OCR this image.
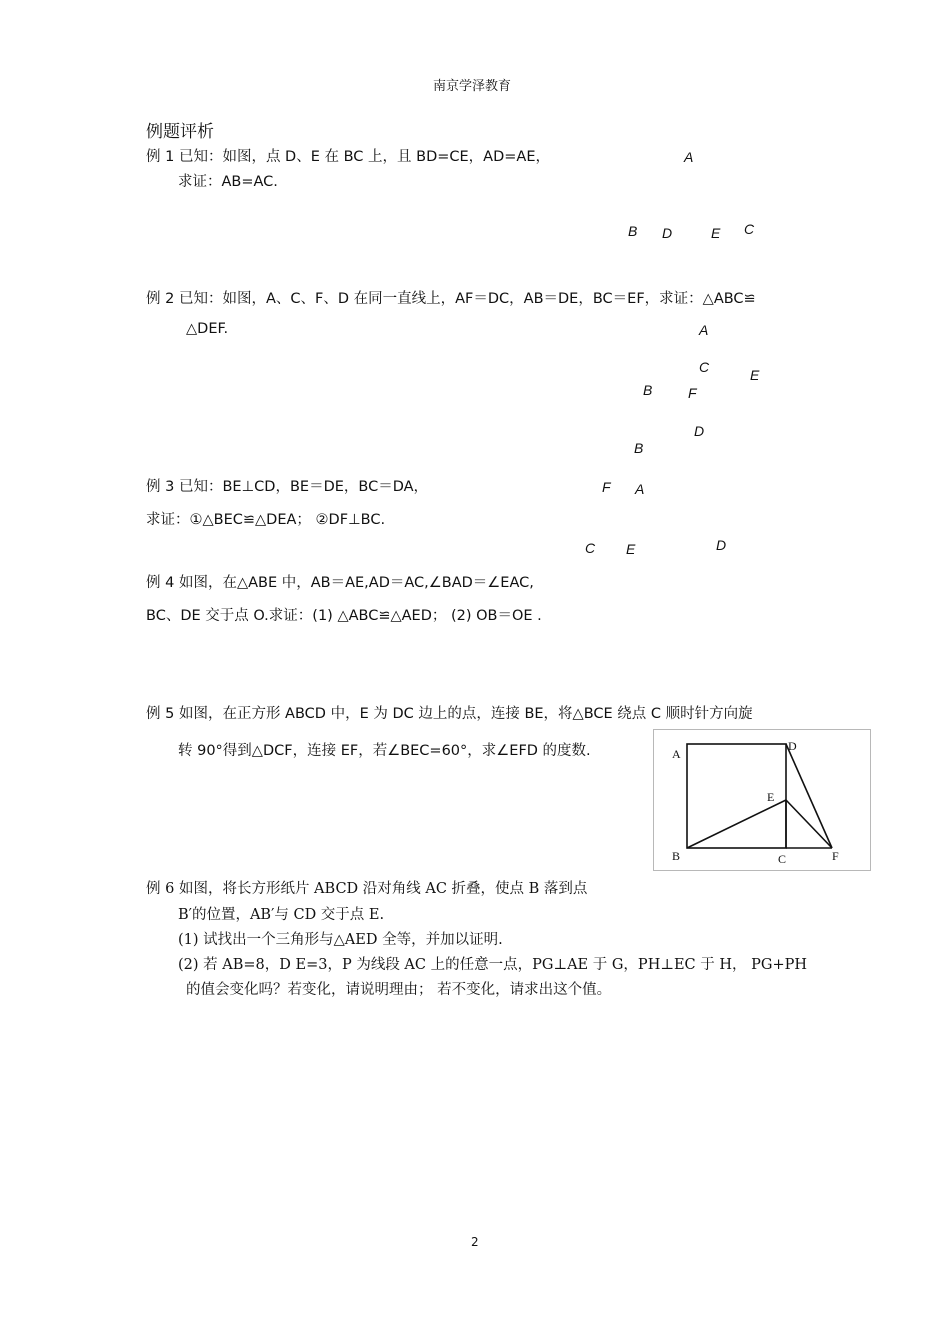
南京学泽教育
例题评析
例 1 已知：如图，点 D、E 在 BC 上，且 BD=CE，AD=AE，
求证：AB=AC.
A
B D	E C
例 2 已知：如图，A、C、F、D 在同一直线上，AF＝DC，AB＝DE，BC＝EF，求证：△ABC≌
△DEF.	A
C	E
B	F
D
例 3 已知：BE⊥CD，BE＝DE，BC＝DA，
求证：①△BEC≌△DEA； ②DF⊥BC.
B
F A
C E	D
例 4 如图，在△ABE 中，AB＝AE,AD＝AC,∠BAD＝∠EAC,
BC、DE 交于点 O.求证：(1) △ABC≌△AED； (2) OB＝OE .
例 5 如图，在正方形 ABCD 中，E 为 DC 边上的点，连接 BE，将△BCE 绕点 C 顺时针方向旋
转 90°得到△DCF，连接 EF，若∠BEC=60°，求∠EFD 的度数.	A
D
E
B	C	F
例 6 如图，将长方形纸片 ABCD 沿对角线 AC 折叠，使点 B 落到点
B′的位置，AB′与 CD 交于点 E.
(1) 试找出一个三角形与△AED 全等，并加以证明.
(2) 若 AB=8，D E=3，P 为线段 AC 上的任意一点，PG⊥AE 于 G，PH⊥EC 于 H， PG+PH
的值会变化吗？若变化，请说明理由； 若不变化，请求出这个值。
2
